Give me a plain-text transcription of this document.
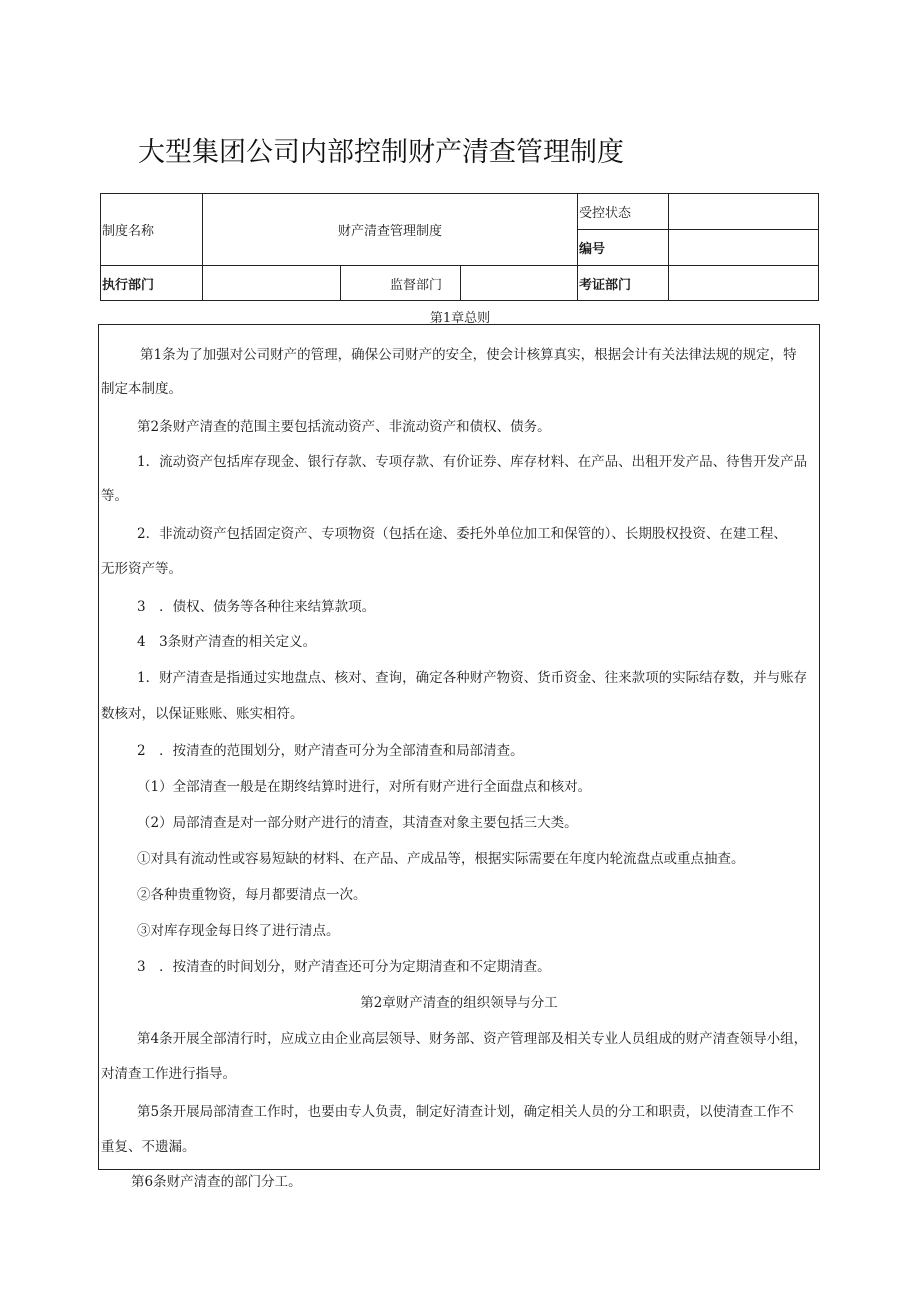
大型集团公司内部控制财产清查管理制度
制度名称	财产清查管理制度			受控状态	
				编号	
执行部门		监督部门		考证部门	
第1章总则
第1条为了加强对公司财产的管理，确保公司财产的安全，使会计核算真实，根据会计有关法律法规的规定，特
制定本制度。
第2条财产清查的范围主要包括流动资产、非流动资产和债权、债务。
1．流动资产包括库存现金、银行存款、专项存款、有价证券、库存材料、在产品、出租开发产品、待售开发产品
等。
2．非流动资产包括固定资产、专项物资（包括在途、委托外单位加工和保管的）、长期股权投资、在建工程、
无形资产等。
3　．债权、债务等各种往来结算款项。
4　3条财产清查的相关定义。
1．财产清查是指通过实地盘点、核对、查询，确定各种财产物资、货币资金、往来款项的实际结存数，并与账存
数核对，以保证账账、账实相符。
2　．按清查的范围划分，财产清查可分为全部清查和局部清查。
（1）全部清查一般是在期终结算时进行，对所有财产进行全面盘点和核对。
（2）局部清查是对一部分财产进行的清查，其清查对象主要包括三大类。
①对具有流动性或容易短缺的材料、在产品、产成品等，根据实际需要在年度内轮流盘点或重点抽查。
②各种贵重物资，每月都要清点一次。
③对库存现金每日终了进行清点。
3　．按清查的时间划分，财产清查还可分为定期清查和不定期清查。
第2章财产清查的组织领导与分工
第4条开展全部清行时，应成立由企业高层领导、财务部、资产管理部及相关专业人员组成的财产清查领导小组，
对清查工作进行指导。
第5条开展局部清查工作时，也要由专人负责，制定好清查计划，确定相关人员的分工和职责，以使清查工作不
重复、不遗漏。
第6条财产清查的部门分工。
